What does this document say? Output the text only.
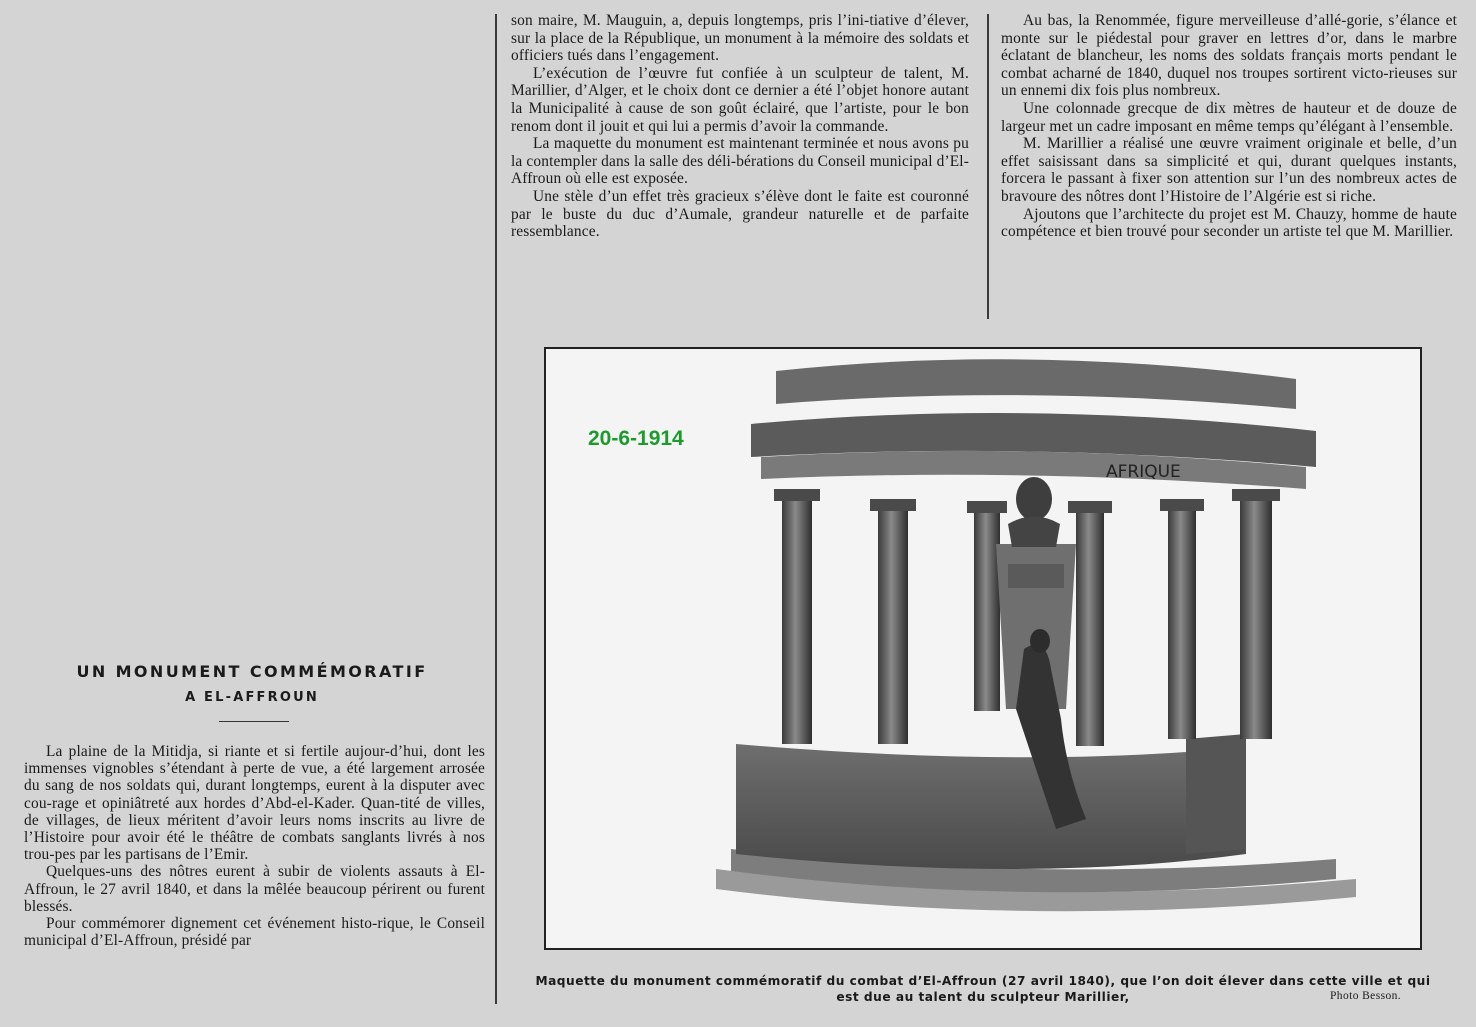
son maire, M. Mauguin, a, depuis longtemps, pris l’ini-tiative d’élever, sur la place de la République, un monument à la mémoire des soldats et officiers tués dans l’engagement.

L’exécution de l’œuvre fut confiée à un sculpteur de talent, M. Marillier, d’Alger, et le choix dont ce dernier a été l’objet honore autant la Municipalité à cause de son goût éclairé, que l’artiste, pour le bon renom dont il jouit et qui lui a permis d’avoir la commande.

La maquette du monument est maintenant terminée et nous avons pu la contempler dans la salle des déli-bérations du Conseil municipal d’El-Affroun où elle est exposée.

Une stèle d’un effet très gracieux s’élève dont le faite est couronné par le buste du duc d’Aumale, grandeur naturelle et de parfaite ressemblance.

Au bas, la Renommée, figure merveilleuse d’allé-gorie, s’élance et monte sur le piédestal pour graver en lettres d’or, dans le marbre éclatant de blancheur, les noms des soldats français morts pendant le combat acharné de 1840, duquel nos troupes sortirent victo-rieuses sur un ennemi dix fois plus nombreux.

Une colonnade grecque de dix mètres de hauteur et de douze de largeur met un cadre imposant en même temps qu’élégant à l’ensemble.

M. Marillier a réalisé une œuvre vraiment originale et belle, d’un effet saisissant dans sa simplicité et qui, durant quelques instants, forcera le passant à fixer son attention sur l’un des nombreux actes de bravoure des nôtres dont l’Histoire de l’Algérie est si riche.

Ajoutons que l’architecte du projet est M. Chauzy, homme de haute compétence et bien trouvé pour seconder un artiste tel que M. Marillier.

AFRIQUE
20-6-1914
Maquette du monument commémoratif du combat d’El-Affroun (27 avril 1840), que l’on doit élever dans cette ville et qui est due au talent du sculpteur Marillier,	Photo Besson.
UN MONUMENT COMMÉMORATIF
A EL-AFFROUN

La plaine de la Mitidja, si riante et si fertile aujour-d’hui, dont les immenses vignobles s’étendant à perte de vue, a été largement arrosée du sang de nos soldats qui, durant longtemps, eurent à la disputer avec cou-rage et opiniâtreté aux hordes d’Abd-el-Kader. Quan-tité de villes, de villages, de lieux méritent d’avoir leurs noms inscrits au livre de l’Histoire pour avoir été le théâtre de combats sanglants livrés à nos trou-pes par les partisans de l’Emir.

Quelques-uns des nôtres eurent à subir de violents assauts à El-Affroun, le 27 avril 1840, et dans la mêlée beaucoup périrent ou furent blessés.

Pour commémorer dignement cet événement histo-rique, le Conseil municipal d’El-Affroun, présidé par
